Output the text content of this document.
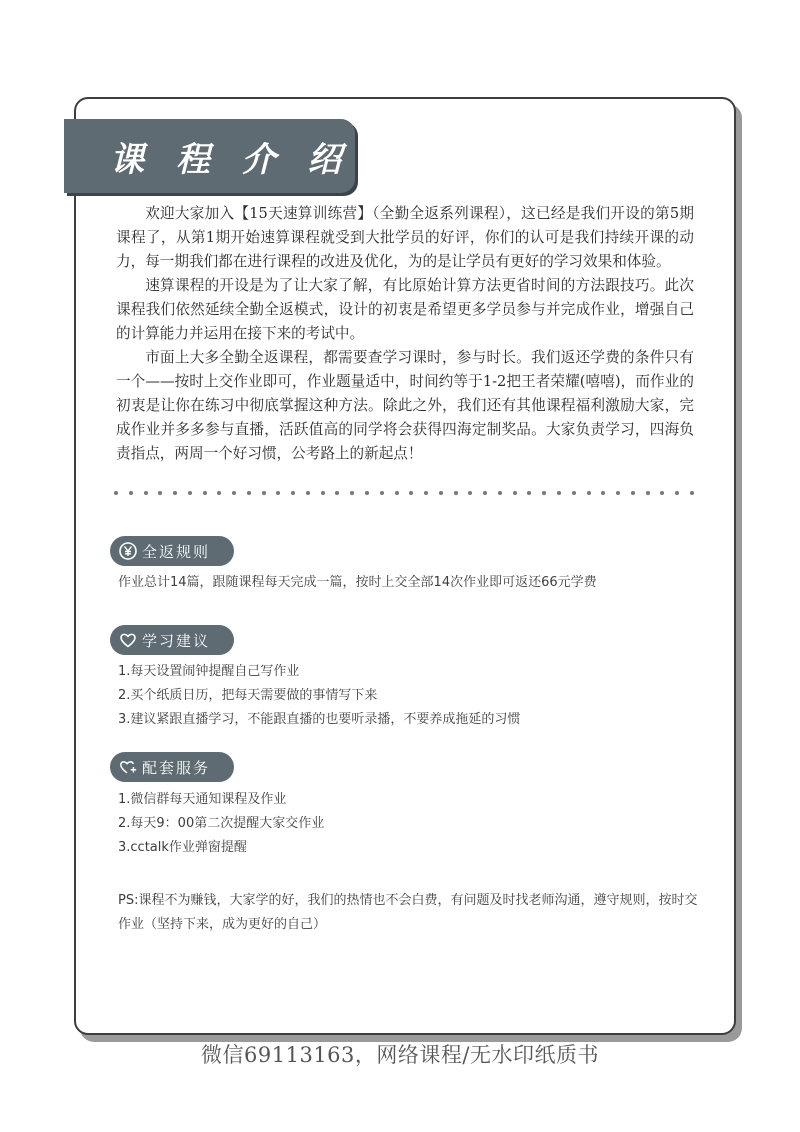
课 程 介 绍

欢迎大家加入【15天速算训练营】（全勤全返系列课程），这已经是我们开设的第5期课程了，从第1期开始速算课程就受到大批学员的好评，你们的认可是我们持续开课的动力，每一期我们都在进行课程的改进及优化，为的是让学员有更好的学习效果和体验。

速算课程的开设是为了让大家了解，有比原始计算方法更省时间的方法跟技巧。此次课程我们依然延续全勤全返模式，设计的初衷是希望更多学员参与并完成作业，增强自己的计算能力并运用在接下来的考试中。

市面上大多全勤全返课程，都需要查学习课时，参与时长。我们返还学费的条件只有一个——按时上交作业即可，作业题量适中，时间约等于1-2把王者荣耀(嘻嘻)，而作业的初衷是让你在练习中彻底掌握这种方法。除此之外，我们还有其他课程福利激励大家，完成作业并多多参与直播，活跃值高的同学将会获得四海定制奖品。大家负责学习，四海负责指点，两周一个好习惯，公考路上的新起点！

全返规则
作业总计14篇，跟随课程每天完成一篇，按时上交全部14次作业即可返还66元学费
学习建议
1.每天设置闹钟提醒自己写作业
2.买个纸质日历，把每天需要做的事情写下来
3.建议紧跟直播学习，不能跟直播的也要听录播，不要养成拖延的习惯
配套服务
1.微信群每天通知课程及作业
2.每天9：00第二次提醒大家交作业
3.cctalk作业弹窗提醒
PS:课程不为赚钱，大家学的好，我们的热情也不会白费，有问题及时找老师沟通，遵守规则，按时交作业（坚持下来，成为更好的自己）
微信69113163，网络课程/无水印纸质书
